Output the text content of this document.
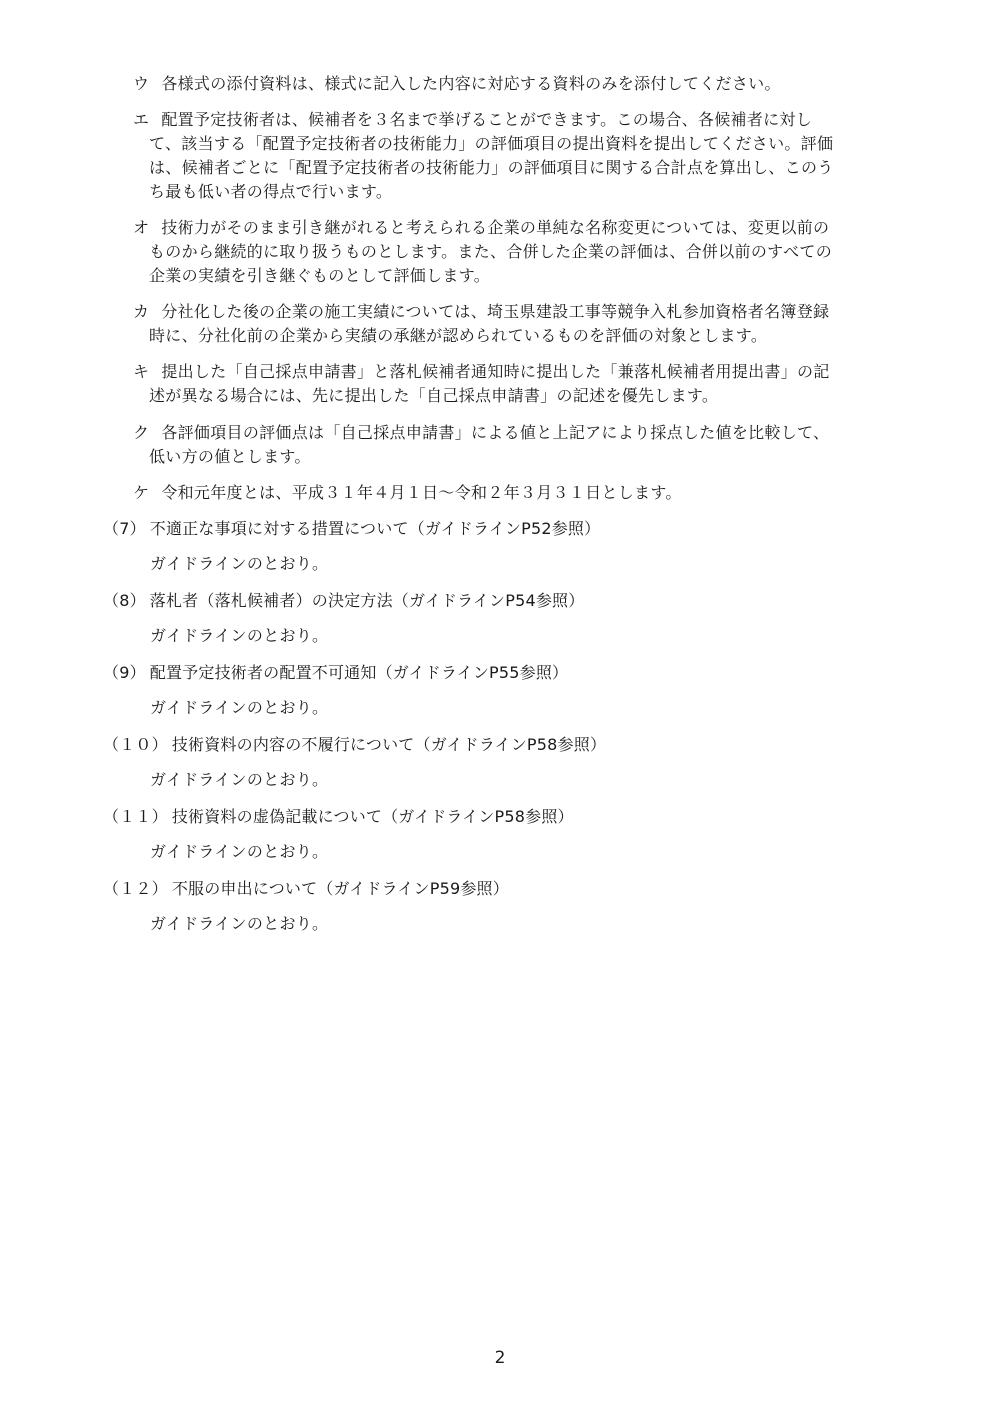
ウ 各様式の添付資料は、様式に記入した内容に対応する資料のみを添付してください。
エ 配置予定技術者は、候補者を３名まで挙げることができます。この場合、各候補者に対し
て、該当する「配置予定技術者の技術能力」の評価項目の提出資料を提出してください。評価
は、候補者ごとに「配置予定技術者の技術能力」の評価項目に関する合計点を算出し、このう
ち最も低い者の得点で行います。
オ 技術力がそのまま引き継がれると考えられる企業の単純な名称変更については、変更以前の
ものから継続的に取り扱うものとします。また、合併した企業の評価は、合併以前のすべての
企業の実績を引き継ぐものとして評価します。
カ 分社化した後の企業の施工実績については、埼玉県建設工事等競争入札参加資格者名簿登録
時に、分社化前の企業から実績の承継が認められているものを評価の対象とします。
キ 提出した「自己採点申請書」と落札候補者通知時に提出した「兼落札候補者用提出書」の記
述が異なる場合には、先に提出した「自己採点申請書」の記述を優先します。
ク 各評価項目の評価点は「自己採点申請書」による値と上記アにより採点した値を比較して、
低い方の値とします。
ケ 令和元年度とは、平成３１年４月１日～令和２年３月３１日とします。
（7） 不適正な事項に対する措置について（ガイドラインP52参照）
ガイドラインのとおり。
（8） 落札者（落札候補者）の決定方法（ガイドラインP54参照）
ガイドラインのとおり。
（9） 配置予定技術者の配置不可通知（ガイドラインP55参照）
ガイドラインのとおり。
（１０） 技術資料の内容の不履行について（ガイドラインP58参照）
ガイドラインのとおり。
（１１） 技術資料の虚偽記載について（ガイドラインP58参照）
ガイドラインのとおり。
（１２） 不服の申出について（ガイドラインP59参照）
ガイドラインのとおり。
2
